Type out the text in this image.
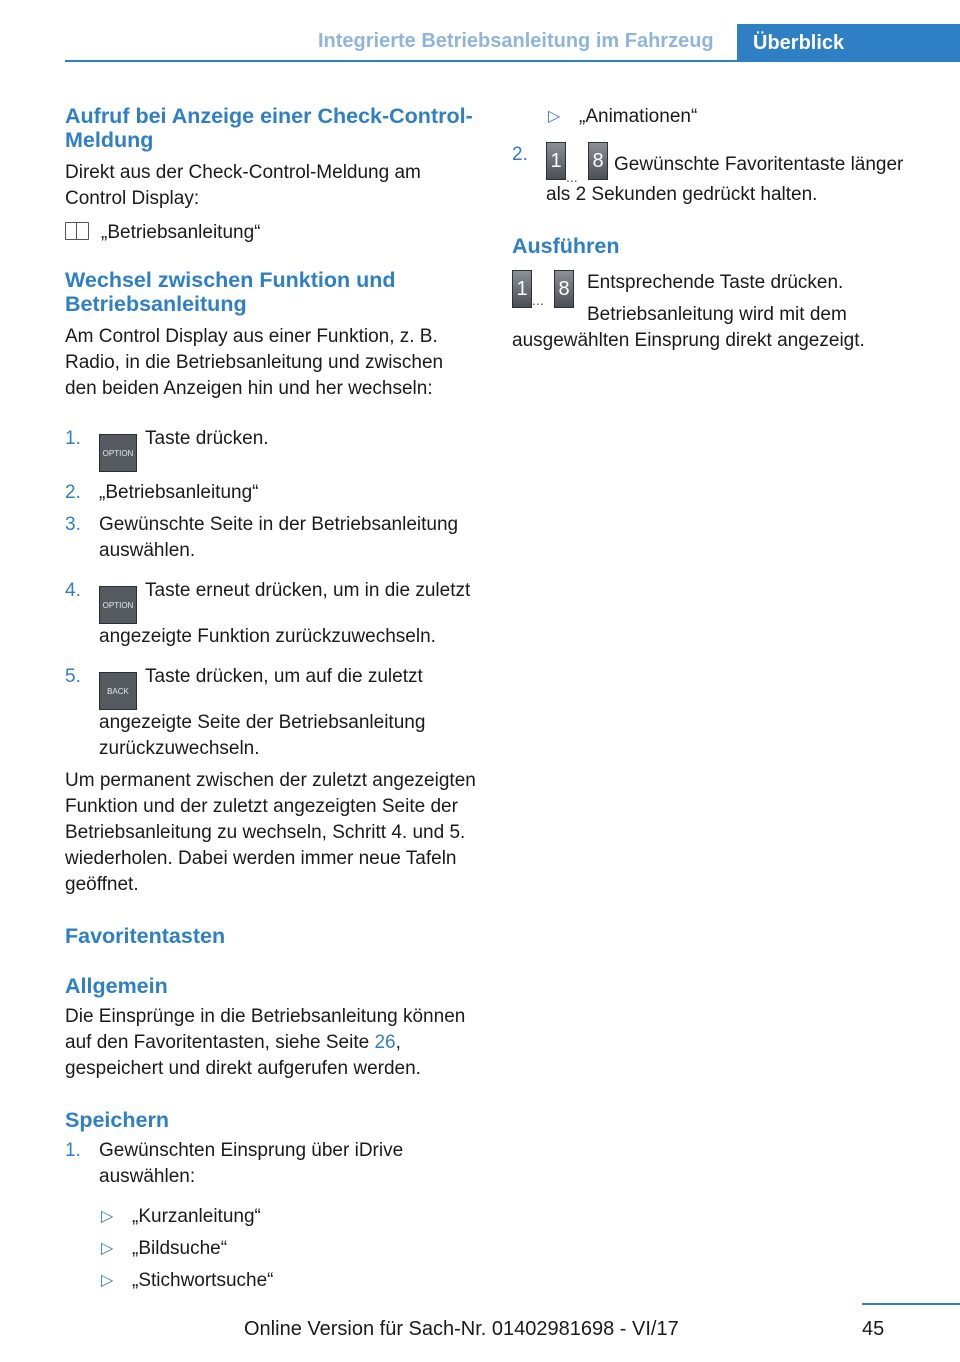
Integrierte Betriebsanleitung im Fahrzeug	Überblick
Aufruf bei Anzeige einer Check-Control-Meldung

Direkt aus der Check-Control-Meldung am Control Display:

„Betriebsanleitung“

Wechsel zwischen Funktion und Betriebsanleitung

Am Control Display aus einer Funktion, z. B. Radio, in die Betriebsanleitung und zwischen den beiden Anzeigen hin und her wechseln:

1.
OPTIONTaste drücken.
2. „Betriebsanleitung“
3. Gewünschte Seite in der Betriebsanleitung auswählen.
4.
OPTIONTaste erneut drücken, um in die zuletzt angezeigte Funktion zurückzuwechseln.
5.
BACKTaste drücken, um auf die zuletzt angezeigte Seite der Betriebsanleitung zurückzuwechseln.

Um permanent zwischen der zuletzt angezeigten Funktion und der zuletzt angezeigten Seite der Betriebsanleitung zu wechseln, Schritt 4. und 5. wiederholen. Dabei werden immer neue Tafeln geöffnet.

Favoritentasten
Allgemein

Die Einsprünge in die Betriebsanleitung können auf den Favoritentasten, siehe Seite 26, gespeichert und direkt aufgerufen werden.

Speichern
1. Gewünschten Einsprung über iDrive auswählen:
▷ „Kurzanleitung“
▷ „Bildsuche“
▷ „Stichwortsuche“
▷ „Animationen“
2. 1
...
8 Gewünschte Favoritentaste länger als 2 Sekunden gedrückt halten.
Ausführen
1 ... 8 Entsprechende Taste drücken.

Betriebsanleitung wird mit dem ausgewählten Einsprung direkt angezeigt.

45
Online Version für Sach-Nr. 01402981698 - VI/17
